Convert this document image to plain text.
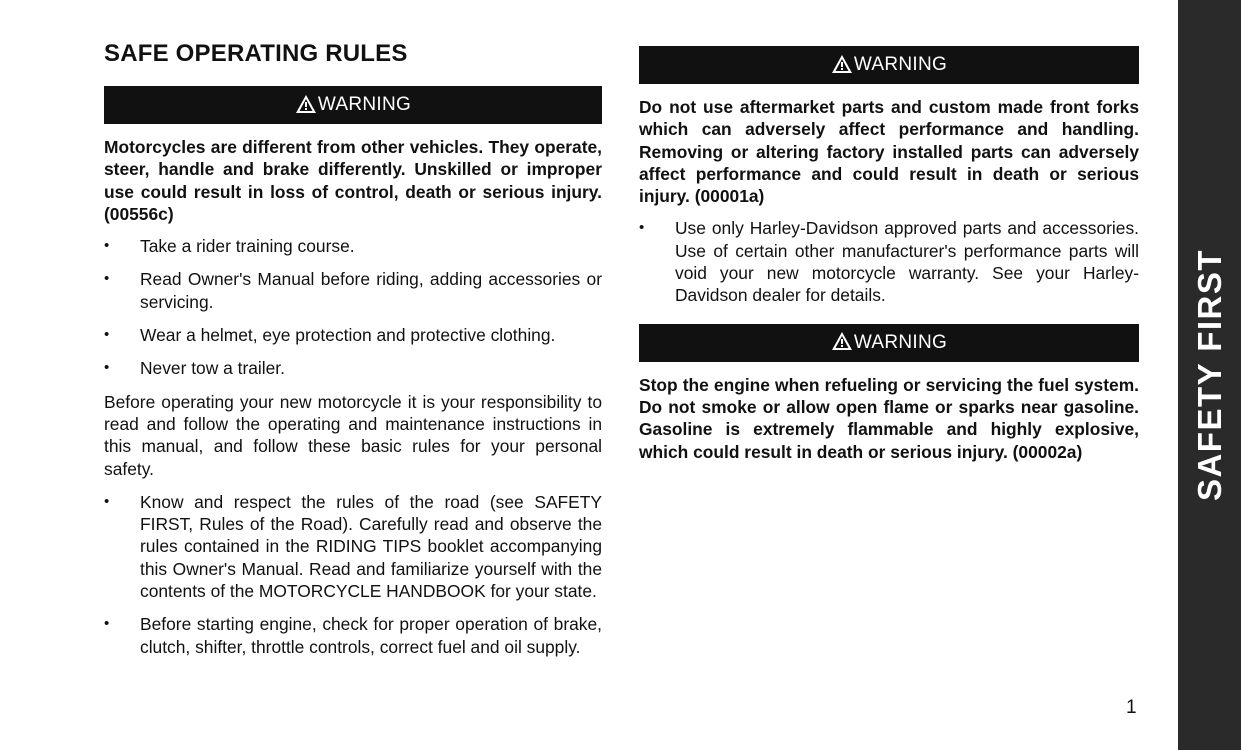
SAFE OPERATING RULES
WARNING
Motorcycles are different from other vehicles. They operate, steer, handle and brake differently. Unskilled or improper use could result in loss of control, death or serious injury. (00556c)
• Take a rider training course.
• Read Owner's Manual before riding, adding accessories or servicing.
• Wear a helmet, eye protection and protective clothing.
• Never tow a trailer.

Before operating your new motorcycle it is your responsibility to read and follow the operating and maintenance instructions in this manual, and follow these basic rules for your personal safety.

• Know and respect the rules of the road (see SAFETY FIRST, Rules of the Road). Carefully read and observe the rules contained in the RIDING TIPS booklet accompanying this Owner's Manual. Read and familiarize yourself with the contents of the MOTORCYCLE HANDBOOK for your state.
• Before starting engine, check for proper operation of brake, clutch, shifter, throttle controls, correct fuel and oil supply.
WARNING
Do not use aftermarket parts and custom made front forks which can adversely affect performance and handling. Removing or altering factory installed parts can adversely affect performance and could result in death or serious injury. (00001a)
• Use only Harley-Davidson approved parts and accessories. Use of certain other manufacturer's performance parts will void your new motorcycle warranty. See your Harley-Davidson dealer for details.
WARNING
Stop the engine when refueling or servicing the fuel system. Do not smoke or allow open flame or sparks near gasoline. Gasoline is extremely flammable and highly explosive, which could result in death or serious injury. (00002a)
1
SAFETY FIRST
